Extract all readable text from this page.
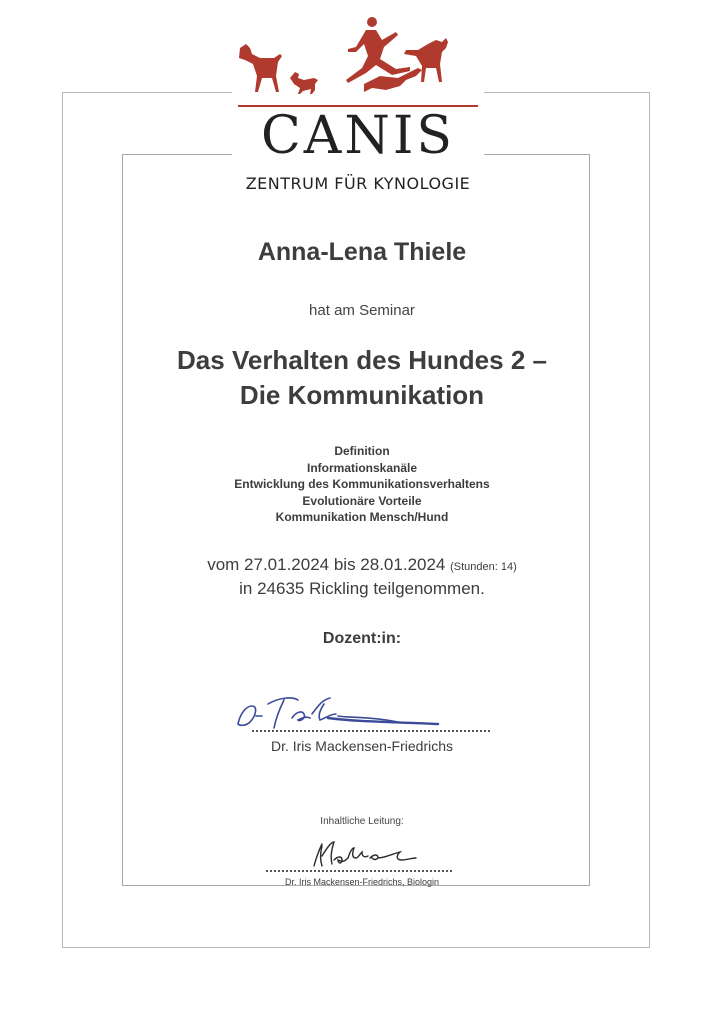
CANIS
ZENTRUM FÜR KYNOLOGIE
Anna-Lena Thiele
hat am Seminar
Das Verhalten des Hundes 2 –
Die Kommunikation
Definition
Informationskanäle
Entwicklung des Kommunikationsverhaltens
Evolutionäre Vorteile
Kommunikation Mensch/Hund
vom 27.01.2024 bis 28.01.2024 (Stunden: 14)
in 24635 Rickling teilgenommen.
Dozent:in:
Dr. Iris Mackensen-Friedrichs
Inhaltliche Leitung:
Dr. Iris Mackensen-Friedrichs, Biologin
